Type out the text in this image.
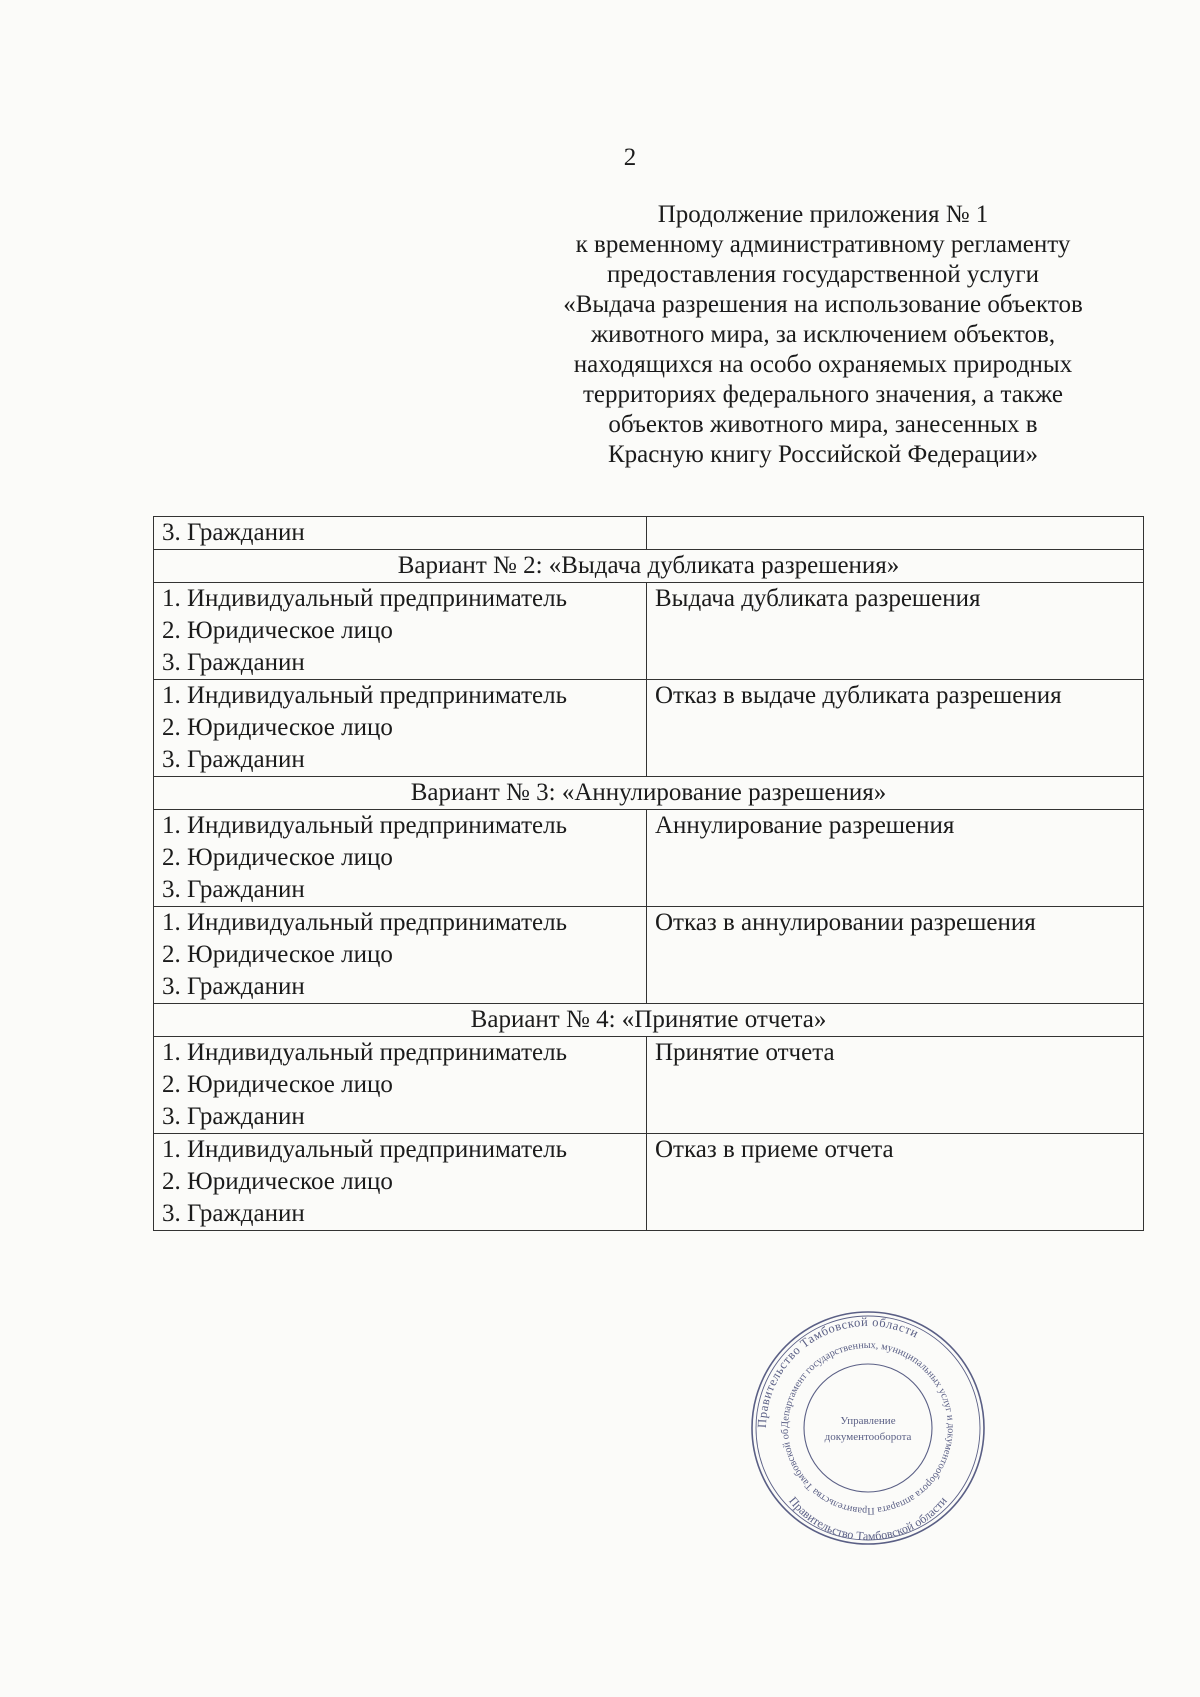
2
Продолжение приложения № 1
к временному административному регламенту
предоставления государственной услуги
«Выдача разрешения на использование объектов
животного мира, за исключением объектов,
находящихся на особо охраняемых природных
территориях федерального значения, а также
объектов животного мира, занесенных в
Красную книгу Российской Федерации»
3. Гражданин	

Вариант № 2: «Выдача дубликата разрешения»	

1. Индивидуальный предприниматель
2. Юридическое лицо
3. Гражданин	Выдача дубликата разрешения

1. Индивидуальный предприниматель
2. Юридическое лицо
3. Гражданин	Отказ в выдаче дубликата разрешения
Вариант № 3: «Аннулирование разрешения»	

1. Индивидуальный предприниматель
2. Юридическое лицо
3. Гражданин	Аннулирование разрешения

1. Индивидуальный предприниматель
2. Юридическое лицо
3. Гражданин	Отказ в аннулировании разрешения
Вариант № 4: «Принятие отчета»	

1. Индивидуальный предприниматель
2. Юридическое лицо
3. Гражданин	Принятие отчета

1. Индивидуальный предприниматель
2. Юридическое лицо
3. Гражданин	Отказ в приеме отчета
Правительство Тамбовской области
Департамент государственных, муниципальных услуг и документооборота аппарата Правительства Тамбовской об
Правительство Тамбовской области
Управление
документооборота
